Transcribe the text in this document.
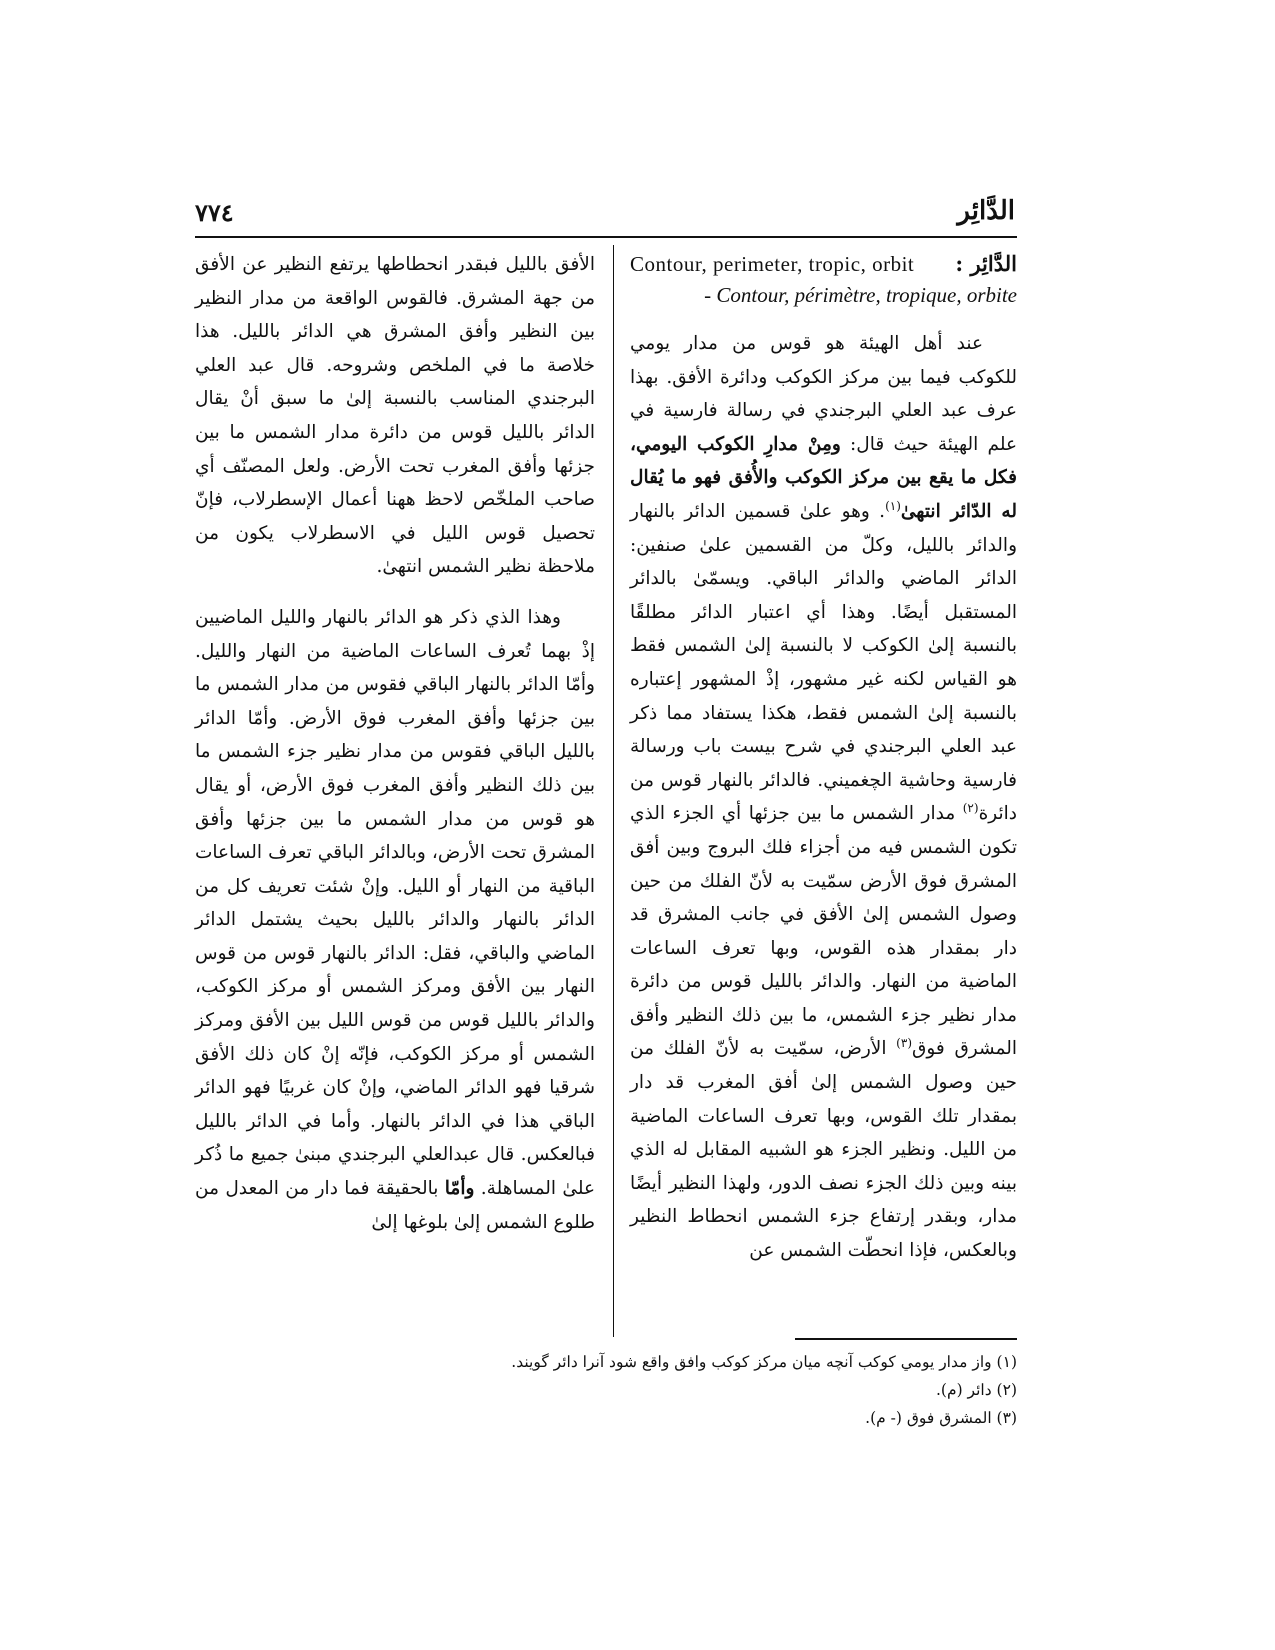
الدَّائِر
٧٧٤
الدَّائِر :
Contour, perimeter, tropic, orbit
- Contour, périmètre, tropique, orbite

عند أهل الهيئة هو قوس من مدار يومي للكوكب فيما بين مركز الكوكب ودائرة الأفق. بهذا عرف عبد العلي البرجندي في رسالة فارسية في علم الهيئة حيث قال: ومِنْ مدارِ الكوكب اليومي، فكل ما يقع بين مركز الكوكب والأُفق فهو ما يُقال له الدّائر انتهىٰ$^{(١)}$. وهو علىٰ قسمين الدائر بالنهار والدائر بالليل، وكلّ من القسمين علىٰ صنفين: الدائر الماضي والدائر الباقي. ويسمّىٰ بالدائر المستقبل أيضًا. وهذا أي اعتبار الدائر مطلقًا بالنسبة إلىٰ الكوكب لا بالنسبة إلىٰ الشمس فقط هو القياس لكنه غير مشهور، إذْ المشهور إعتباره بالنسبة إلىٰ الشمس فقط، هكذا يستفاد مما ذكر عبد العلي البرجندي في شرح بيست باب ورسالة فارسية وحاشية الچغميني. فالدائر بالنهار قوس من دائرة$^{(٢)}$ مدار الشمس ما بين جزئها أي الجزء الذي تكون الشمس فيه من أجزاء فلك البروج وبين أفق المشرق فوق الأرض سمّيت به لأنّ الفلك من حين وصول الشمس إلىٰ الأفق في جانب المشرق قد دار بمقدار هذه القوس، وبها تعرف الساعات الماضية من النهار. والدائر بالليل قوس من دائرة مدار نظير جزء الشمس، ما بين ذلك النظير وأفق المشرق فوق$^{(٣)}$ الأرض، سمّيت به لأنّ الفلك من حين وصول الشمس إلىٰ أفق المغرب قد دار بمقدار تلك القوس، وبها تعرف الساعات الماضية من الليل. ونظير الجزء هو الشبيه المقابل له الذي بينه وبين ذلك الجزء نصف الدور، ولهذا النظير أيضًا مدار، وبقدر إرتفاع جزء الشمس انحطاط النظير وبالعكس، فإذا انحطّت الشمس عن

الأفق بالليل فبقدر انحطاطها يرتفع النظير عن الأفق من جهة المشرق. فالقوس الواقعة من مدار النظير بين النظير وأفق المشرق هي الدائر بالليل. هذا خلاصة ما في الملخص وشروحه. قال عبد العلي البرجندي المناسب بالنسبة إلىٰ ما سبق أنْ يقال الدائر بالليل قوس من دائرة مدار الشمس ما بين جزئها وأفق المغرب تحت الأرض. ولعل المصنّف أي صاحب الملخّص لاحظ ههنا أعمال الإسطرلاب، فإنّ تحصيل قوس الليل في الاسطرلاب يكون من ملاحظة نظير الشمس انتهىٰ.

وهذا الذي ذكر هو الدائر بالنهار والليل الماضيين إذْ بهما تُعرف الساعات الماضية من النهار والليل. وأمّا الدائر بالنهار الباقي فقوس من مدار الشمس ما بين جزئها وأفق المغرب فوق الأرض. وأمّا الدائر بالليل الباقي فقوس من مدار نظير جزء الشمس ما بين ذلك النظير وأفق المغرب فوق الأرض، أو يقال هو قوس من مدار الشمس ما بين جزئها وأفق المشرق تحت الأرض، وبالدائر الباقي تعرف الساعات الباقية من النهار أو الليل. وإنْ شئت تعريف كل من الدائر بالنهار والدائر بالليل بحيث يشتمل الدائر الماضي والباقي، فقل: الدائر بالنهار قوس من قوس النهار بين الأفق ومركز الشمس أو مركز الكوكب، والدائر بالليل قوس من قوس الليل بين الأفق ومركز الشمس أو مركز الكوكب، فإنّه إنْ كان ذلك الأفق شرقيا فهو الدائر الماضي، وإنْ كان غربيًا فهو الدائر الباقي هذا في الدائر بالنهار. وأما في الدائر بالليل فبالعكس. قال عبدالعلي البرجندي مبنىٰ جميع ما ذُكر علىٰ المساهلة. وأمّا بالحقيقة فما دار من المعدل من طلوع الشمس إلىٰ بلوغها إلىٰ

(١) واز مدار يومي كوكب آنچه ميان مركز كوكب وافق واقع شود آنرا دائر گويند.
(٢) دائر (م).
(٣) المشرق فوق (- م).
